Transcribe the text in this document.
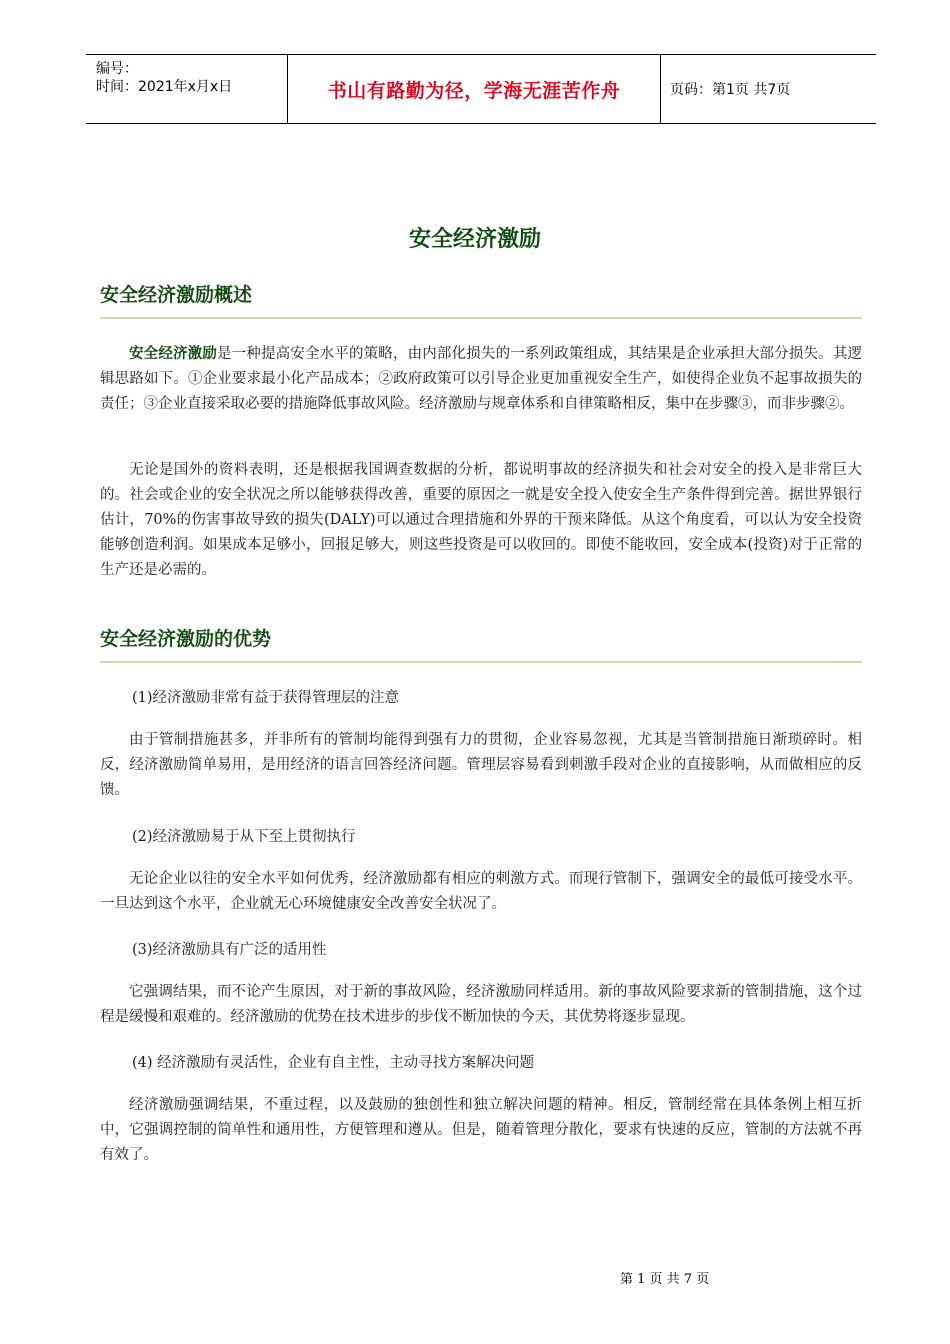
编号：
时间：2021年x月x日	书山有路勤为径，学海无涯苦作舟	页码：第1页 共7页
安全经济激励
安全经济激励概述

安全经济激励是一种提高安全水平的策略，由内部化损失的一系列政策组成，其结果是企业承担大部分损失。其逻辑思路如下。①企业要求最小化产品成本；②政府政策可以引导企业更加重视安全生产，如使得企业负不起事故损失的责任；③企业直接采取必要的措施降低事故风险。经济激励与规章体系和自律策略相反，集中在步骤③，而非步骤②。

无论是国外的资料表明，还是根据我国调查数据的分析，都说明事故的经济损失和社会对安全的投入是非常巨大的。社会或企业的安全状况之所以能够获得改善，重要的原因之一就是安全投入使安全生产条件得到完善。据世界银行估计，70%的伤害事故导致的损失(DALY)可以通过合理措施和外界的干预来降低。从这个角度看，可以认为安全投资能够创造利润。如果成本足够小，回报足够大，则这些投资是可以收回的。即使不能收回，安全成本(投资)对于正常的生产还是必需的。

安全经济激励的优势
(1)经济激励非常有益于获得管理层的注意

由于管制措施甚多，并非所有的管制均能得到强有力的贯彻，企业容易忽视，尤其是当管制措施日渐琐碎时。相反，经济激励简单易用，是用经济的语言回答经济问题。管理层容易看到刺激手段对企业的直接影响，从而做相应的反馈。

(2)经济激励易于从下至上贯彻执行

无论企业以往的安全水平如何优秀，经济激励都有相应的刺激方式。而现行管制下，强调安全的最低可接受水平。一旦达到这个水平，企业就无心环境健康安全改善安全状况了。

(3)经济激励具有广泛的适用性

它强调结果，而不论产生原因，对于新的事故风险，经济激励同样适用。新的事故风险要求新的管制措施，这个过程是缓慢和艰难的。经济激励的优势在技术进步的步伐不断加快的今天，其优势将逐步显现。

(4) 经济激励有灵活性，企业有自主性，主动寻找方案解决问题

经济激励强调结果，不重过程，以及鼓励的独创性和独立解决问题的精神。相反，管制经常在具体条例上相互折中，它强调控制的简单性和通用性，方便管理和遵从。但是，随着管理分散化，要求有快速的反应，管制的方法就不再有效了。

第 1 页 共 7 页
